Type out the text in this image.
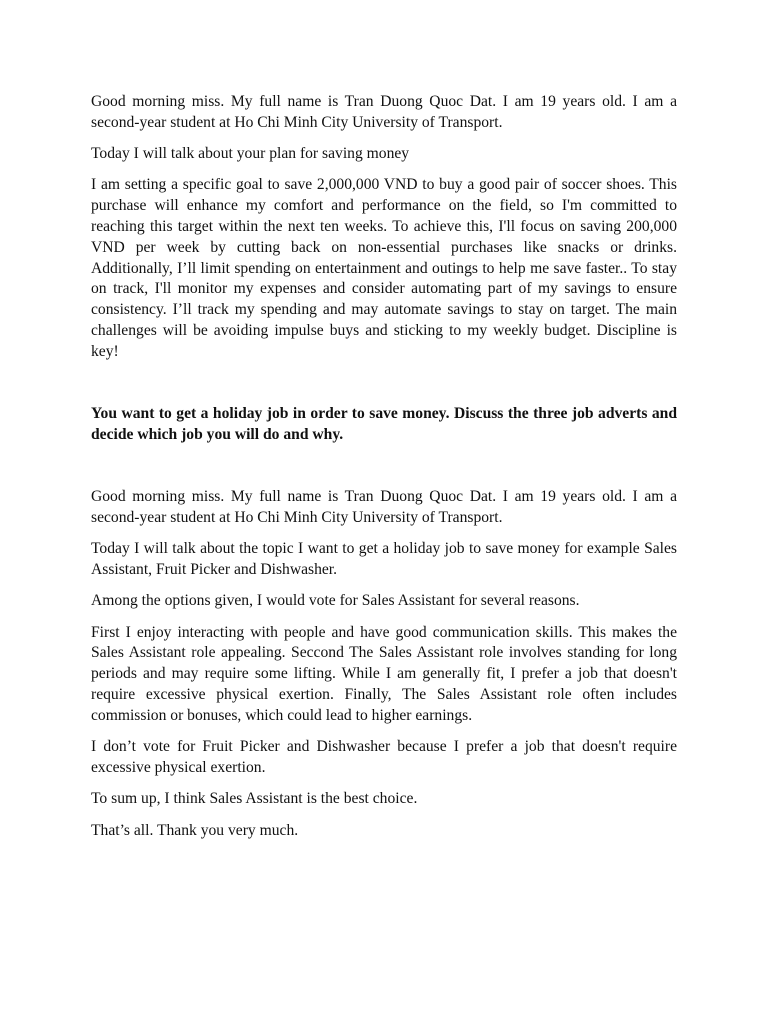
Good morning miss. My full name is Tran Duong Quoc Dat. I am 19 years old. I am a second-year student at Ho Chi Minh City University of Transport.

Today I will talk about your plan for saving money

I am setting a specific goal to save 2,000,000 VND to buy a good pair of soccer shoes. This purchase will enhance my comfort and performance on the field, so I'm committed to reaching this target within the next ten weeks. To achieve this, I'll focus on saving 200,000 VND per week by cutting back on non-essential purchases like snacks or drinks. Additionally, I’ll limit spending on entertainment and outings to help me save faster.. To stay on track, I'll monitor my expenses and consider automating part of my savings to ensure consistency. I’ll track my spending and may automate savings to stay on target. The main challenges will be avoiding impulse buys and sticking to my weekly budget. Discipline is key!

You want to get a holiday job in order to save money. Discuss the three job adverts and decide which job you will do and why.

Good morning miss. My full name is Tran Duong Quoc Dat. I am 19 years old. I am a second-year student at Ho Chi Minh City University of Transport.

Today I will talk about the topic I want to get a holiday job to save money for example Sales Assistant, Fruit Picker and Dishwasher.

Among the options given, I would vote for Sales Assistant for several reasons.

First I enjoy interacting with people and have good communication skills. This makes the Sales Assistant role appealing. Seccond The Sales Assistant role involves standing for long periods and may require some lifting. While I am generally fit, I prefer a job that doesn't require excessive physical exertion. Finally, The Sales Assistant role often includes commission or bonuses, which could lead to higher earnings.

I don’t vote for Fruit Picker and Dishwasher because I prefer a job that doesn't require excessive physical exertion.

To sum up, I think Sales Assistant is the best choice.

That’s all. Thank you very much.
